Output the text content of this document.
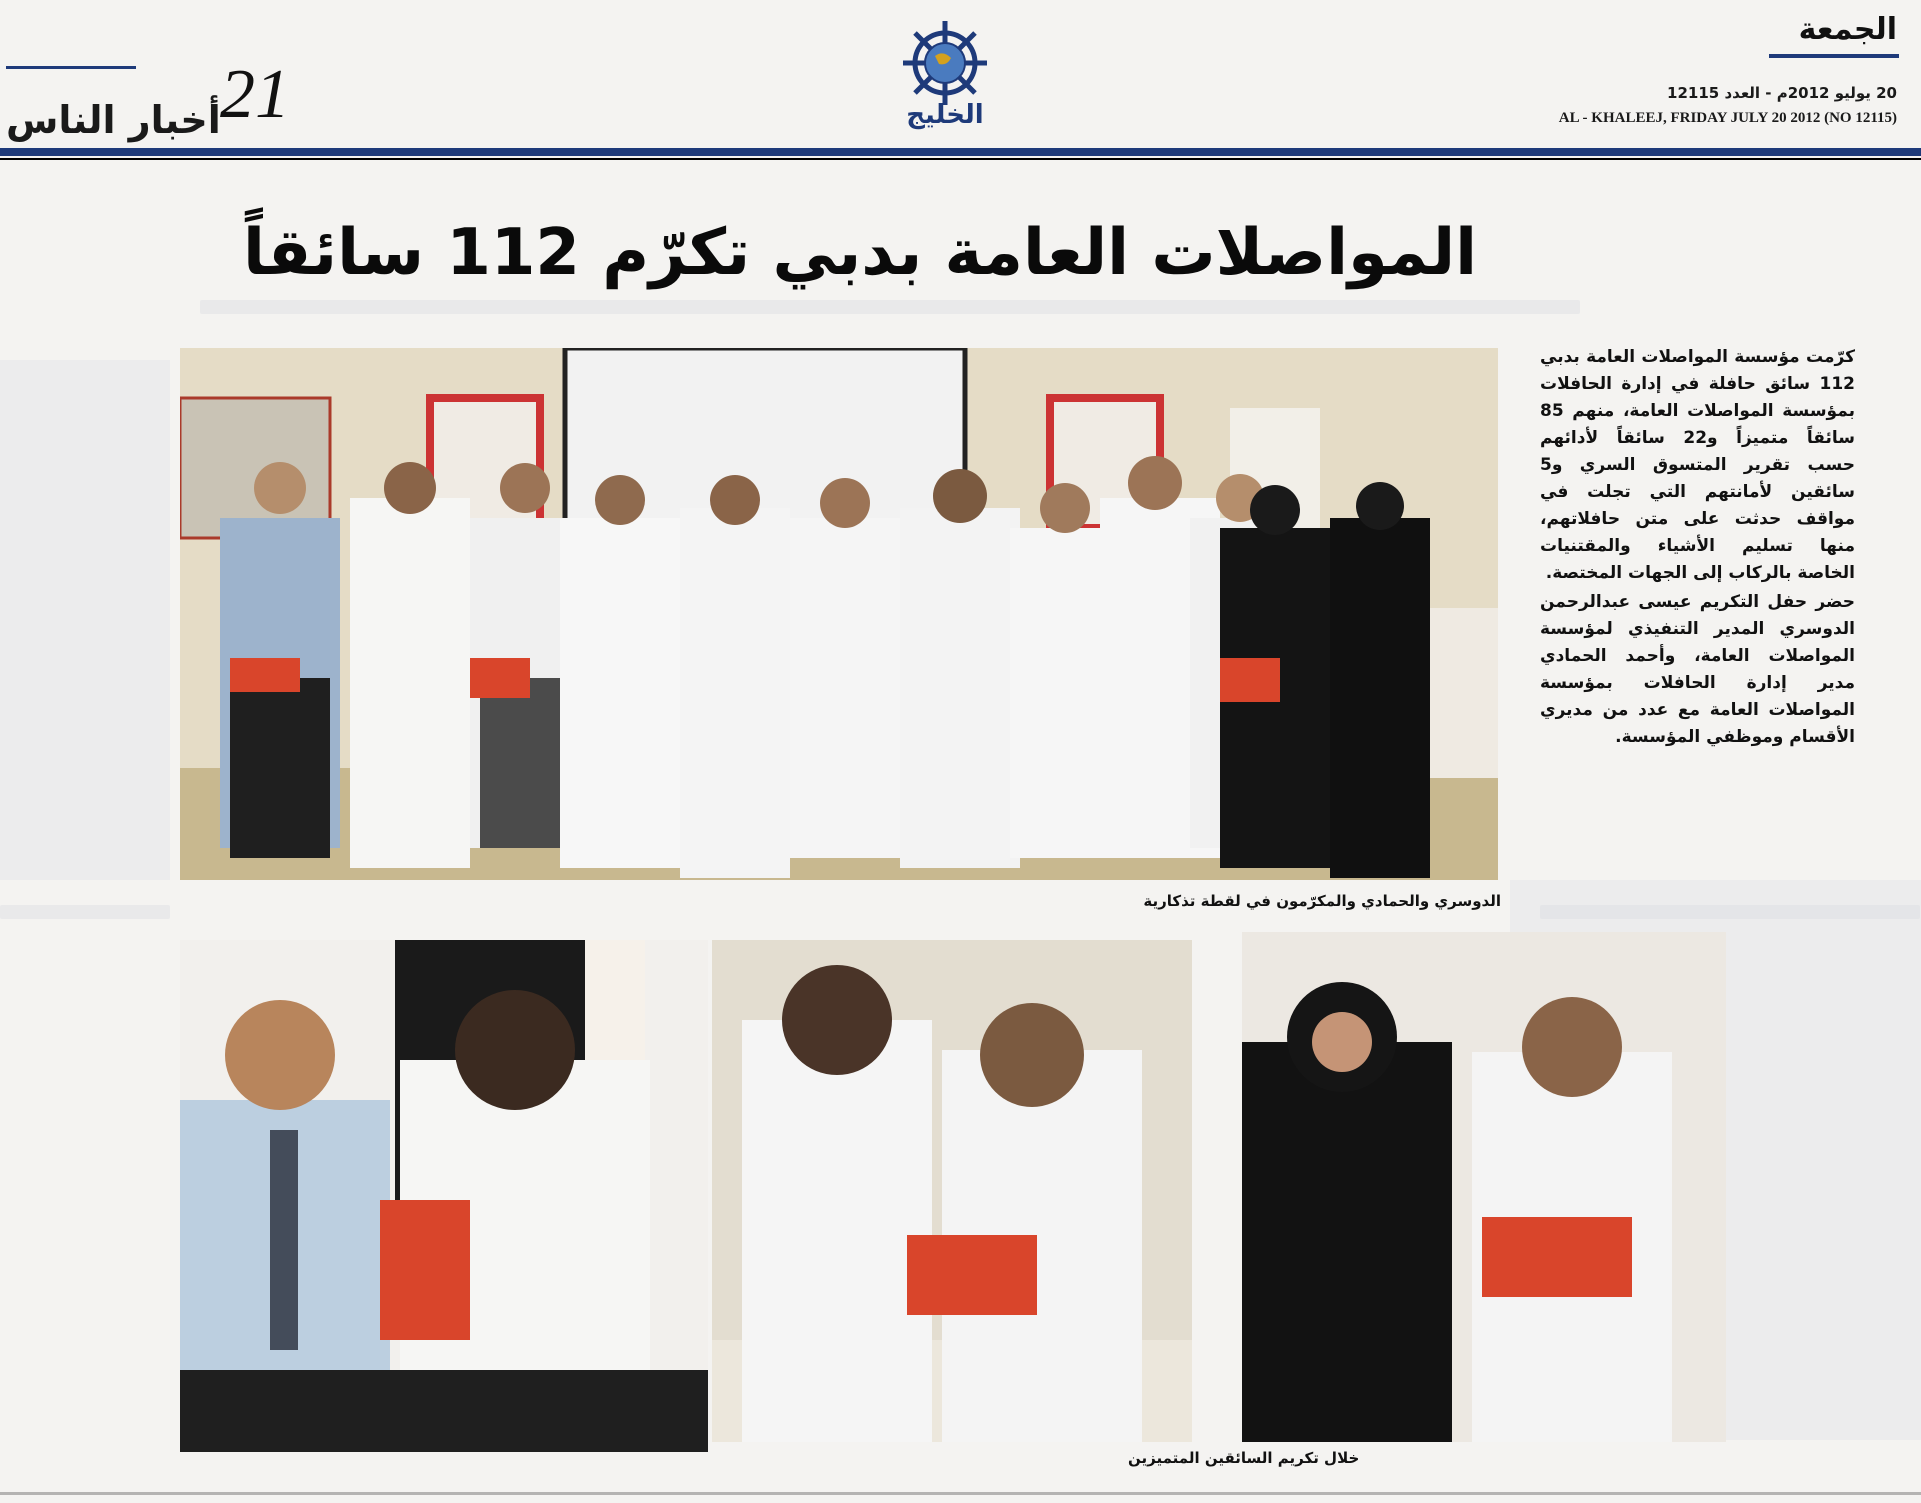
الجمعة
20 يوليو 2012م - العدد 12115
AL - KHALEEJ, FRIDAY JULY 20 2012 (NO 12115)
21
أخبار الناس	الخليج
المواصلات العامة بدبي تكرّم 112 سائقاً

كرّمت مؤسسة المواصلات العامة بدبي 112 سائق حافلة في إدارة الحافلات بمؤسسة المواصلات العامة، منهم 85 سائقاً متميزاً و22 سائقاً لأدائهم حسب تقرير المتسوق السري و5 سائقين لأمانتهم التي تجلت في مواقف حدثت على متن حافلاتهم، منها تسليم الأشياء والمقتنيات الخاصة بالركاب إلى الجهات المختصة.

حضر حفل التكريم عيسى عبدالرحمن الدوسري المدير التنفيذي لمؤسسة المواصلات العامة، وأحمد الحمادي مدير إدارة الحافلات بمؤسسة المواصلات العامة مع عدد من مديري الأقسام وموظفي المؤسسة.

الدوسري والحمادي والمكرّمون في لقطة تذكارية
خلال تكريم السائقين المتميزين
